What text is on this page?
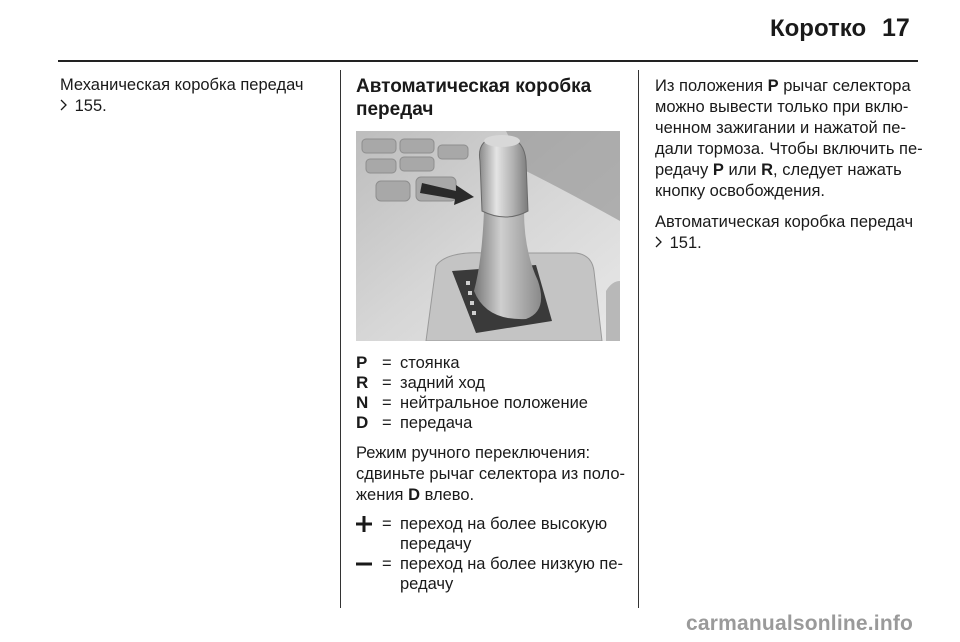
Коротко 17
Механическая коробка передач
155.
Автоматическая коробка
передач
P = стоянка
R = задний ход
N = нейтральное положение
D = передача
Режим ручного переключения:
сдвиньте рычаг селектора из поло-
жения D влево.
= переход на более высокую
передачу
= переход на более низкую пе-
редачу
Из положения P рычаг селектора
можно вывести только при вклю-
ченном зажигании и нажатой пе-
дали тормоза. Чтобы включить пе-
редачу P или R, следует нажать
кнопку освобождения.
Автоматическая коробка передач
151.
carmanualsonline.info
